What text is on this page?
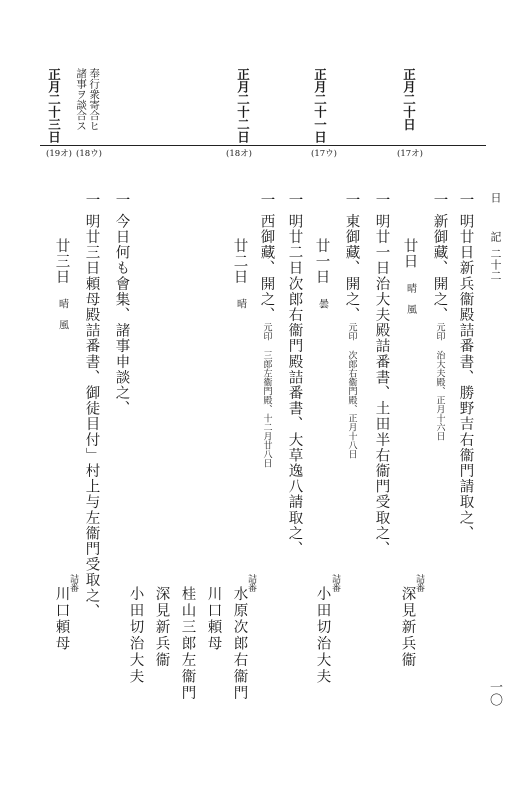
正月二十日
正月二十一日
正月二十二日
奉行衆寄合ヒ
諸事ヲ談合ス
正月二十三日
(17オ)
(17ウ)
(18オ)
(18ウ)
(19オ)
日記二十二
一明廿日新兵衞殿詰番書、勝野吉右衞門請取之、
一新御藏、開之、元印 治大夫殿、正月十六日
廿日晴 風
一明廿一日治大夫殿詰番書、土田半右衞門受取之、
一東御藏、開之、元印 次郎右衞門殿、正月十八日
廿一日曇
一明廿二日次郎右衞門殿詰番書、大草逸八請取之、
一西御藏、開之、元印 三郎左衞門殿、十二月廿八日
廿二日晴
一今日何も會集、諸事申談之、
一明廿三日頼母殿詰番書、御徒目付」村上与左衞門受取之、
廿三日晴 風
詰番
深見新兵衞
詰番
小田切治大夫
詰番
水原次郎右衞門
川口頼母
桂山三郎左衞門
深見新兵衞
小田切治大夫
詰番
川口頼母
一〇
